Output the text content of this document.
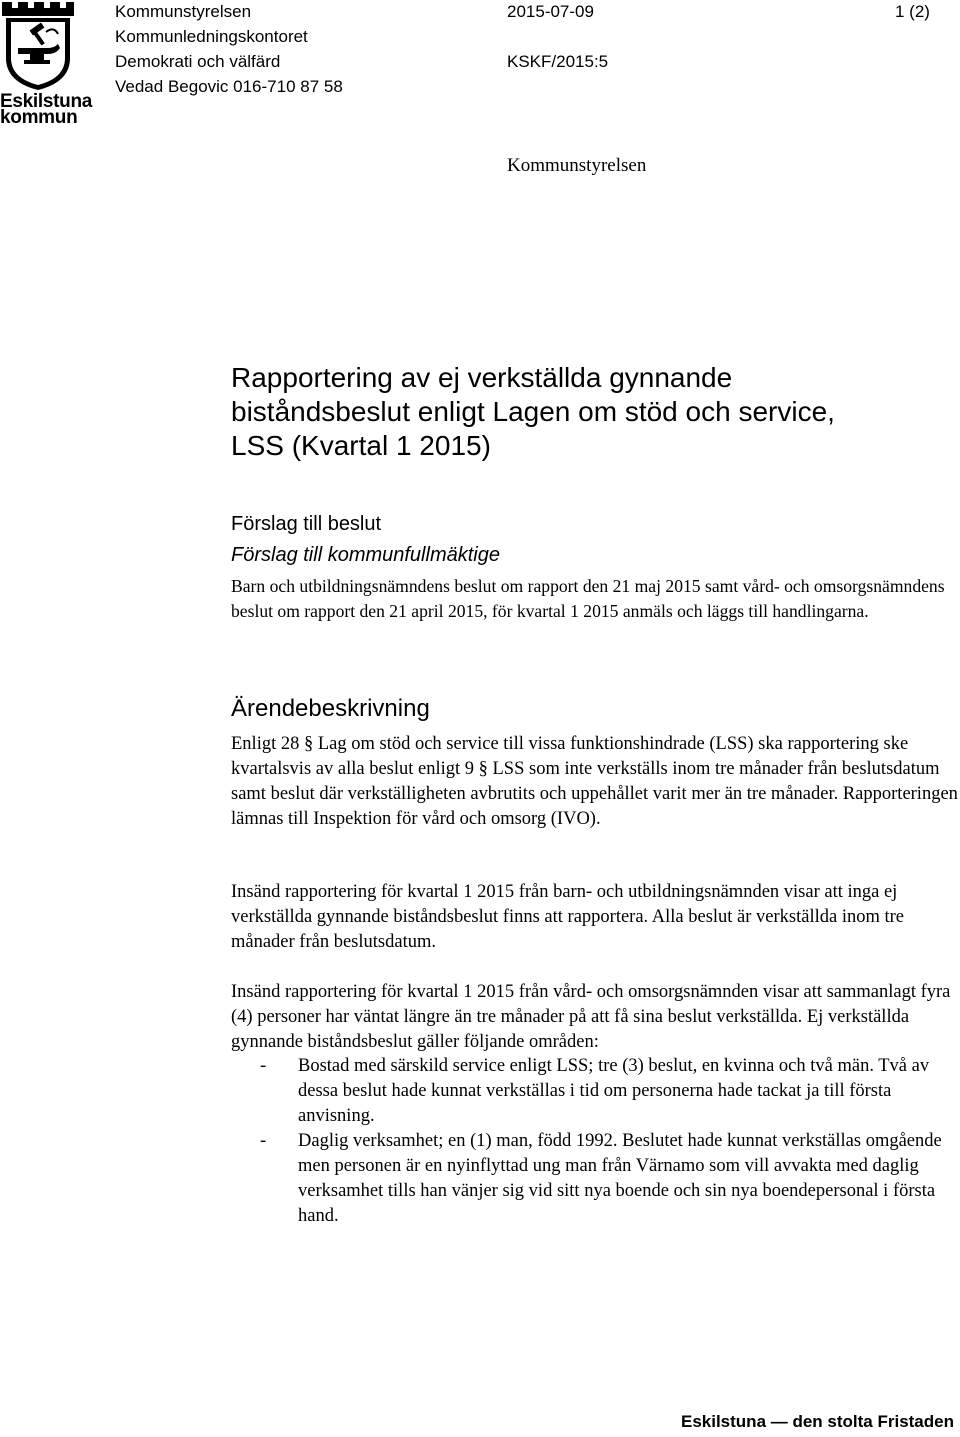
Eskilstuna
kommun
Kommunstyrelsen
Kommunledningskontoret
Demokrati och välfärd
Vedad Begovic 016-710 87 58
2015-07-09	1 (2)
KSKF/2015:5
Kommunstyrelsen
Rapportering av ej verkställda gynnande
biståndsbeslut enligt Lagen om stöd och service,
LSS (Kvartal 1 2015)
Förslag till beslut
Förslag till kommunfullmäktige
Barn och utbildningsnämndens beslut om rapport den 21 maj 2015 samt vård- och omsorgsnämndens beslut om rapport den 21 april 2015, för kvartal 1 2015 anmäls och läggs till handlingarna.
Ärendebeskrivning
Enligt 28 § Lag om stöd och service till vissa funktionshindrade (LSS) ska rapportering ske kvartalsvis av alla beslut enligt 9 § LSS som inte verkställs inom tre månader från beslutsdatum samt beslut där verkställigheten avbrutits och uppehållet varit mer än tre månader. Rapporteringen lämnas till Inspektion för vård och omsorg (IVO).
Insänd rapportering för kvartal 1 2015 från barn- och utbildningsnämnden visar att inga ej verkställda gynnande biståndsbeslut finns att rapportera. Alla beslut är verkställda inom tre månader från beslutsdatum.
Insänd rapportering för kvartal 1 2015 från vård- och omsorgsnämnden visar att sammanlagt fyra (4) personer har väntat längre än tre månader på att få sina beslut verkställda. Ej verkställda gynnande biståndsbeslut gäller följande områden:
- Bostad med särskild service enligt LSS; tre (3) beslut, en kvinna och två män. Två av dessa beslut hade kunnat verkställas i tid om personerna hade tackat ja till första anvisning.
- Daglig verksamhet; en (1) man, född 1992. Beslutet hade kunnat verkställas omgående men personen är en nyinflyttad ung man från Värnamo som vill avvakta med daglig verksamhet tills han vänjer sig vid sitt nya boende och sin nya boendepersonal i första hand.
Eskilstuna — den stolta Fristaden
